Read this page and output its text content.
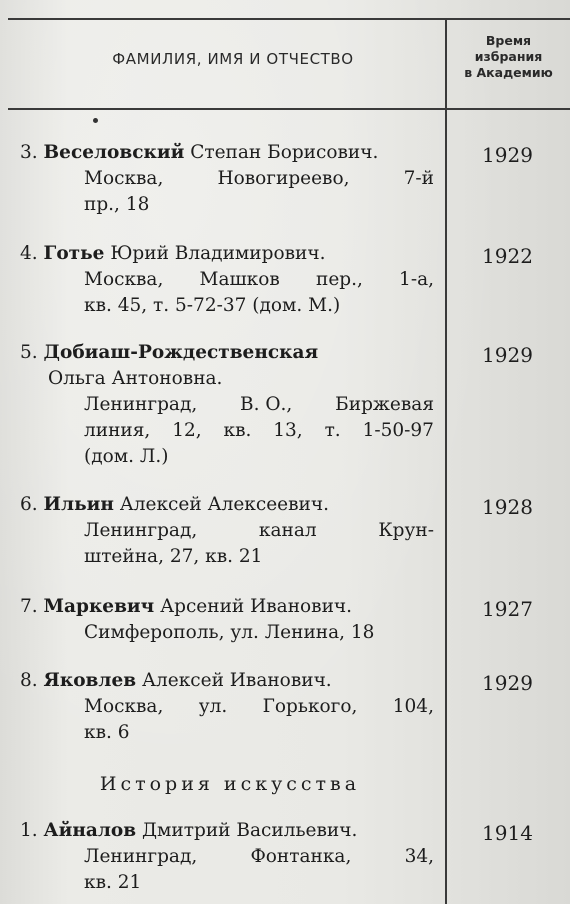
ФАМИЛИЯ, ИМЯ И ОТЧЕСТВО
Время
избрания
в Академию
3. Веселовский Степан Борисович.
Москва,	Новогиреево,	7-й
пр., 18
1929
4. Готье Юрий Владимирович.
Москва, Машков пер., 1-а,
кв. 45, т. 5-72-37 (дом. М.)
1922
5. Добиаш-Рождественская
Ольга Антоновна.
Ленинград, В. О., Биржевая
линия, 12, кв. 13, т. 1-50-97
(дом. Л.)
1929
6. Ильин Алексей Алексеевич.
Ленинград,	канал	Крун-
штейна, 27, кв. 21
1928
7. Маркевич Арсений Иванович.
Симферополь, ул. Ленина, 18
1927
8. Яковлев Алексей Иванович.
Москва, ул. Горького, 104,
кв. 6
1929
История искусства
1. Айналов Дмитрий Васильевич.
Ленинград,	Фонтанка,	34,
кв. 21
1914
